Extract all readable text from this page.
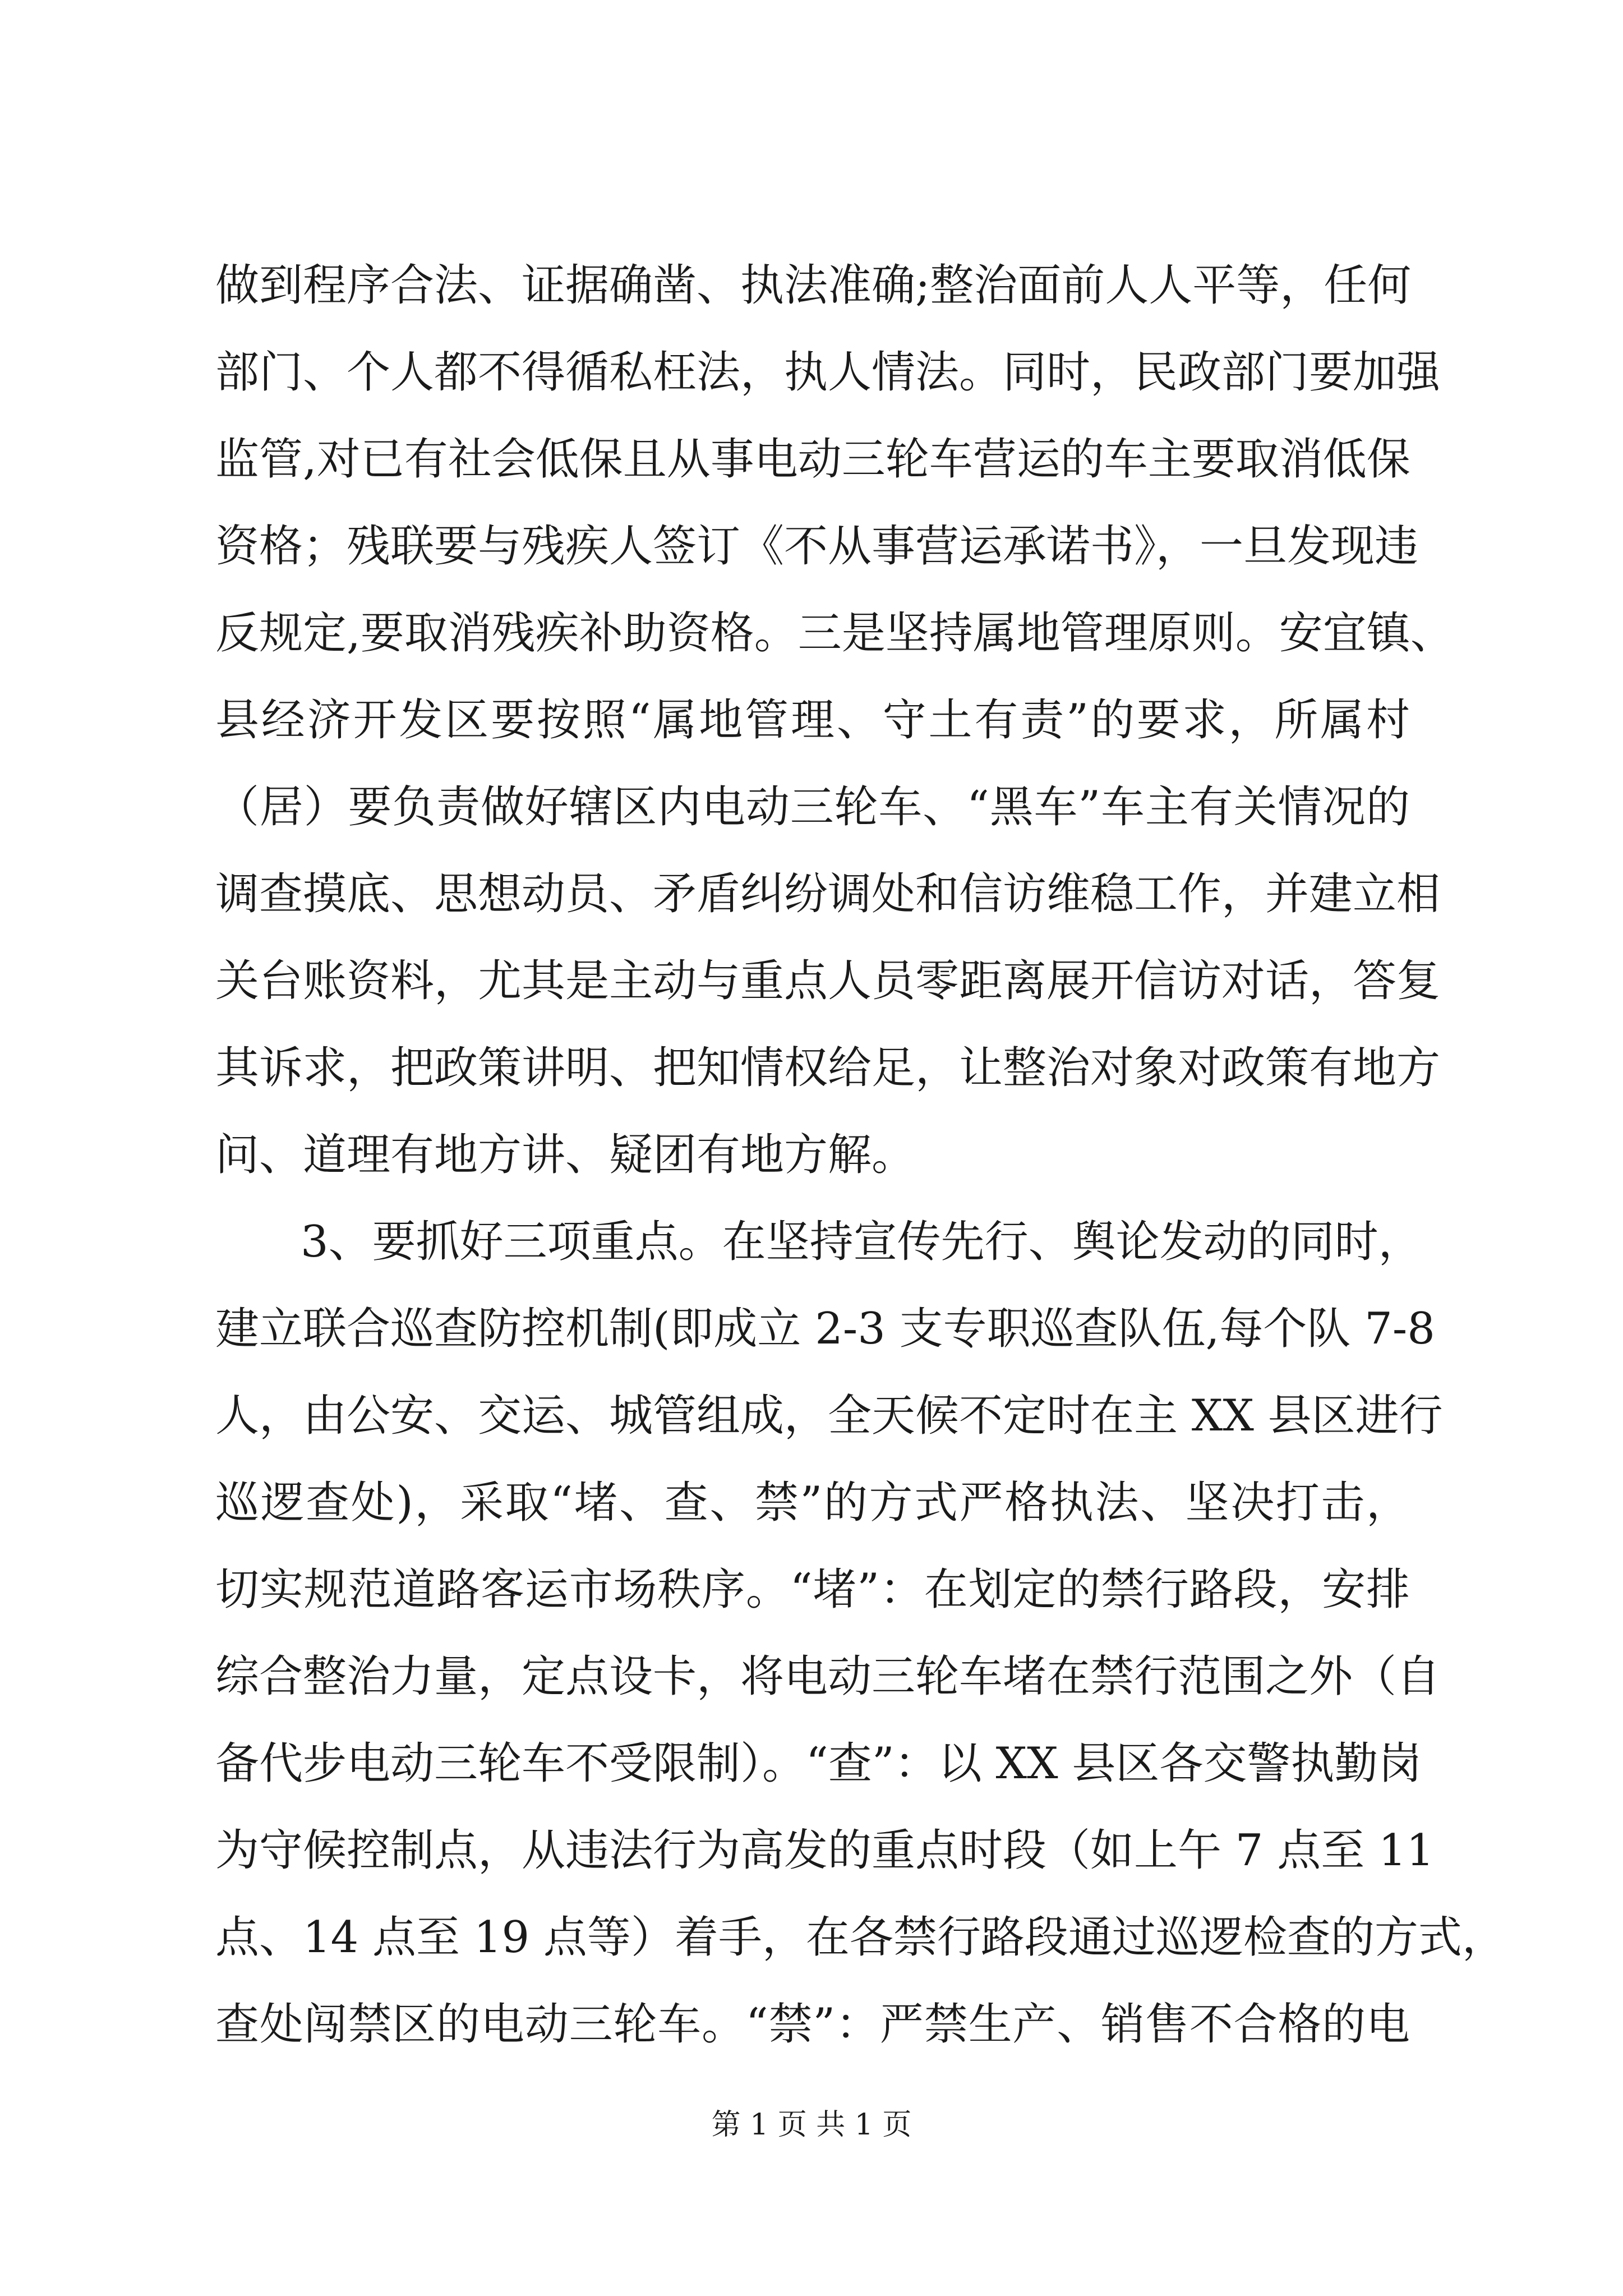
做到程序合法、证据确凿、执法准确;整治面前人人平等，任何
部门、个人都不得循私枉法，执人情法。同时，民政部门要加强
监管,对已有社会低保且从事电动三轮车营运的车主要取消低保
资格；残联要与残疾人签订《不从事营运承诺书》，一旦发现违
反规定,要取消残疾补助资格。三是坚持属地管理原则。安宜镇、
县经济开发区要按照“属地管理、守土有责”的要求，所属村
（居）要负责做好辖区内电动三轮车、“黑车”车主有关情况的
调查摸底、思想动员、矛盾纠纷调处和信访维稳工作，并建立相
关台账资料，尤其是主动与重点人员零距离展开信访对话，答复
其诉求，把政策讲明、把知情权给足，让整治对象对政策有地方
问、道理有地方讲、疑团有地方解。
3、要抓好三项重点。在坚持宣传先行、舆论发动的同时，
建立联合巡查防控机制(即成立 2-3 支专职巡查队伍,每个队 7-8
人，由公安、交运、城管组成，全天候不定时在主 XX 县区进行
巡逻查处)，采取“堵、查、禁”的方式严格执法、坚决打击，
切实规范道路客运市场秩序。“堵”：在划定的禁行路段，安排
综合整治力量，定点设卡，将电动三轮车堵在禁行范围之外（自
备代步电动三轮车不受限制）。“查”：以 XX 县区各交警执勤岗
为守候控制点，从违法行为高发的重点时段（如上午 7 点至 11
点、14 点至 19 点等）着手，在各禁行路段通过巡逻检查的方式，
查处闯禁区的电动三轮车。“禁”：严禁生产、销售不合格的电
第 1 页 共 1 页
